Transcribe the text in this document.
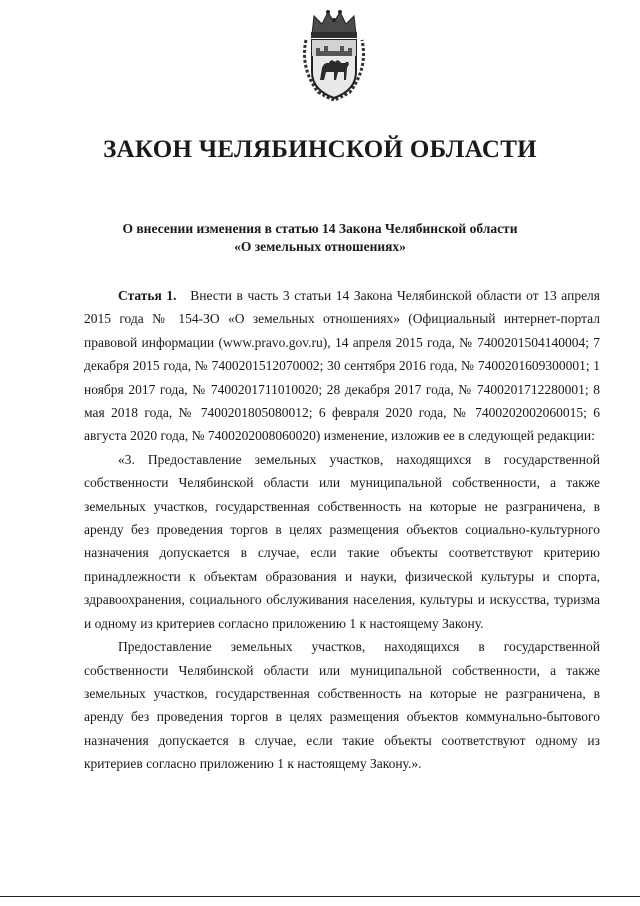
ЗАКОН ЧЕЛЯБИНСКОЙ ОБЛАСТИ
О внесении изменения в статью 14 Закона Челябинской области
«О земельных отношениях»

Статья 1. Внести в часть 3 статьи 14 Закона Челябинской области от 13 апреля 2015 года № 154-ЗО «О земельных отношениях» (Официальный интернет-портал правовой информации (www.pravo.gov.ru), 14 апреля 2015 года, № 7400201504140004; 7 декабря 2015 года, № 7400201512070002; 30 сентября 2016 года, № 7400201609300001; 1 ноября 2017 года, № 7400201711010020; 28 декабря 2017 года, № 7400201712280001; 8 мая 2018 года, № 7400201805080012; 6 февраля 2020 года, № 7400202002060015; 6 августа 2020 года, № 7400202008060020) изменение, изложив ее в следующей редакции:

«3. Предоставление земельных участков, находящихся в государственной собственности Челябинской области или муниципальной собственности, а также земельных участков, государственная собственность на которые не разграничена, в аренду без проведения торгов в целях размещения объектов социально-культурного назначения допускается в случае, если такие объекты соответствуют критерию принадлежности к объектам образования и науки, физической культуры и спорта, здравоохранения, социального обслуживания населения, культуры и искусства, туризма и одному из критериев согласно приложению 1 к настоящему Закону.

Предоставление земельных участков, находящихся в государственной собственности Челябинской области или муниципальной собственности, а также земельных участков, государственная собственность на которые не разграничена, в аренду без проведения торгов в целях размещения объектов коммунально-бытового назначения допускается в случае, если такие объекты соответствуют одному из критериев согласно приложению 1 к настоящему Закону.».
